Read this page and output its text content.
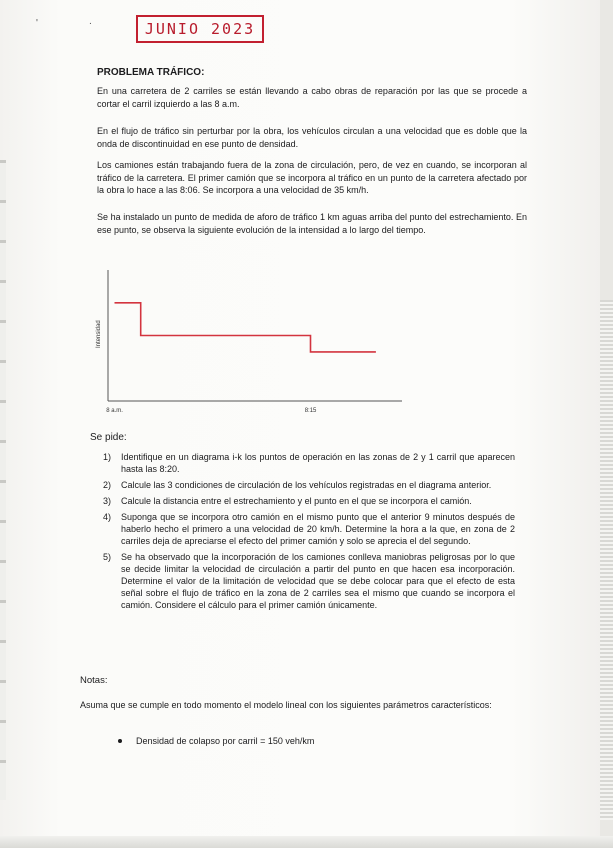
' ·	JUNIO 2023
PROBLEMA TRÁFICO:
En una carretera de 2 carriles se están llevando a cabo obras de reparación por las que se procede a cortar el carril izquierdo a las 8 a.m.
En el flujo de tráfico sin perturbar por la obra, los vehículos circulan a una velocidad que es doble que la onda de discontinuidad en ese punto de densidad.
Los camiones están trabajando fuera de la zona de circulación, pero, de vez en cuando, se incorporan al tráfico de la carretera. El primer camión que se incorpora al tráfico en un punto de la carretera afectado por la obra lo hace a las 8:06. Se incorpora a una velocidad de 35 km/h.
Se ha instalado un punto de medida de aforo de tráfico 1 km aguas arriba del punto del estrechamiento. En ese punto, se observa la siguiente evolución de la intensidad a lo largo del tiempo.
Intensidad
8 a.m.	8:15
Se pide:
1)	Identifique en un diagrama i-k los puntos de operación en las zonas de 2 y 1 carril que aparecen hasta las 8:20.
2)	Calcule las 3 condiciones de circulación de los vehículos registradas en el diagrama anterior.
3)	Calcule la distancia entre el estrechamiento y el punto en el que se incorpora el camión.
4)	Suponga que se incorpora otro camión en el mismo punto que el anterior 9 minutos después de haberlo hecho el primero a una velocidad de 20 km/h. Determine la hora a la que, en zona de 2 carriles deja de apreciarse el efecto del primer camión y solo se aprecia el del segundo.
5)	Se ha observado que la incorporación de los camiones conlleva maniobras peligrosas por lo que se decide limitar la velocidad de circulación a partir del punto en que hacen esa incorporación. Determine el valor de la limitación de velocidad que se debe colocar para que el efecto de esta señal sobre el flujo de tráfico en la zona de 2 carriles sea el mismo que cuando se incorpora el camión. Considere el cálculo para el primer camión únicamente.
Notas:
Asuma que se cumple en todo momento el modelo lineal con los siguientes parámetros característicos:
Densidad de colapso por carril = 150 veh/km
